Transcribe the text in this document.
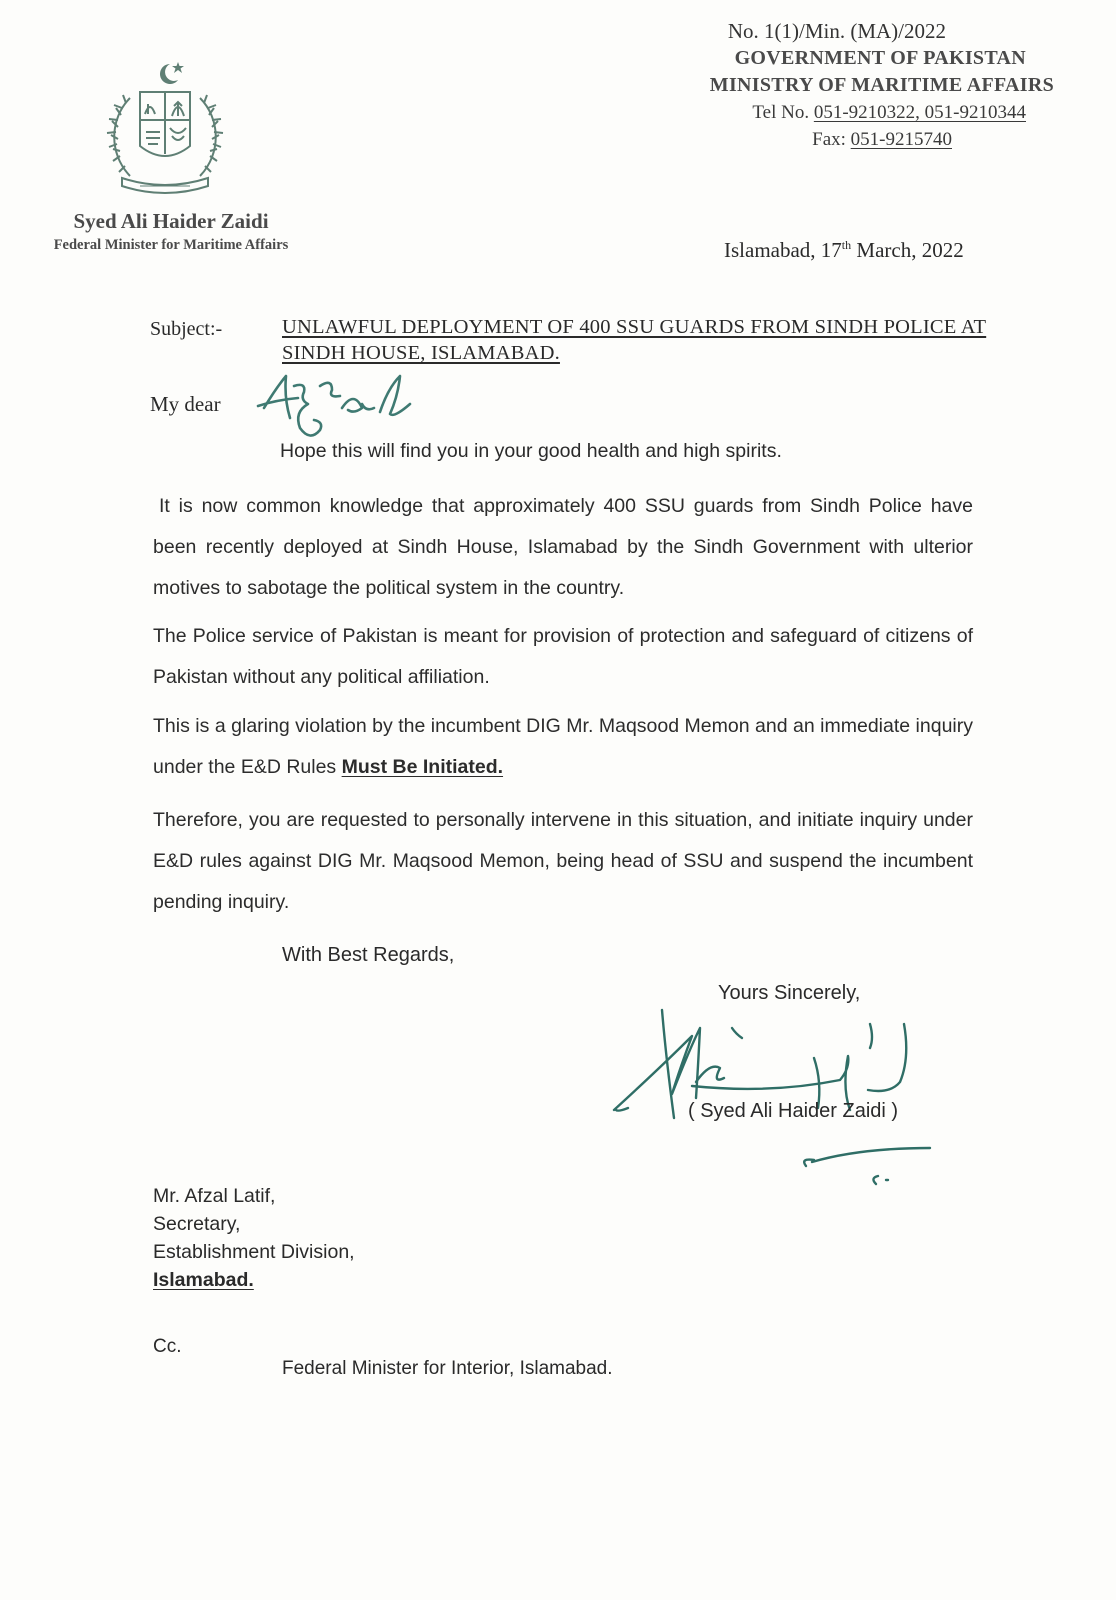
No. 1(1)/Min. (MA)/2022
GOVERNMENT OF PAKISTAN
MINISTRY OF MARITIME AFFAIRS
Tel No. 051-9210322, 051-9210344
Fax: 051-9215740
Syed Ali Haider Zaidi
Federal Minister for Maritime Affairs	Islamabad, 17th March, 2022
Subject:-	UNLAWFUL DEPLOYMENT OF 400 SSU GUARDS FROM SINDH POLICE AT SINDH HOUSE, ISLAMABAD.
My dear
Hope this will find you in your good health and high spirits.
It is now common knowledge that approximately 400 SSU guards from Sindh Police have been recently deployed at Sindh House, Islamabad by the Sindh Government with ulterior motives to sabotage the political system in the country.
The Police service of Pakistan is meant for provision of protection and safeguard of citizens of Pakistan without any political affiliation.
This is a glaring violation by the incumbent DIG Mr. Maqsood Memon and an immediate inquiry under the E&D Rules Must Be Initiated.
Therefore, you are requested to personally intervene in this situation, and initiate inquiry under E&D rules against DIG Mr. Maqsood Memon, being head of SSU and suspend the incumbent pending inquiry.
With Best Regards,
Yours Sincerely,
( Syed Ali Haider Zaidi )
Mr. Afzal Latif,
Secretary,
Establishment Division,
Islamabad.
Cc.
Federal Minister for Interior, Islamabad.
